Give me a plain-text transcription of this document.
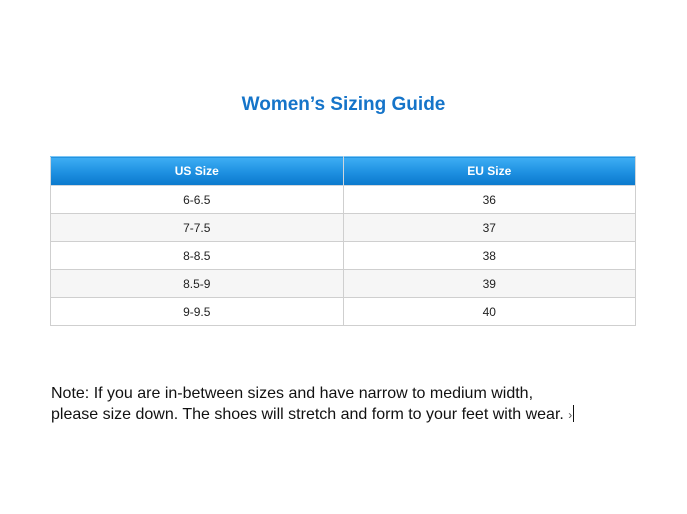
Women’s Sizing Guide
US Size	EU Size
6-6.5	36
7-7.5	37
8-8.5	38
8.5-9	39
9-9.5	40
Note: If you are in-between sizes and have narrow to medium width,
please size down. The shoes will stretch and form to your feet with wear. ›
